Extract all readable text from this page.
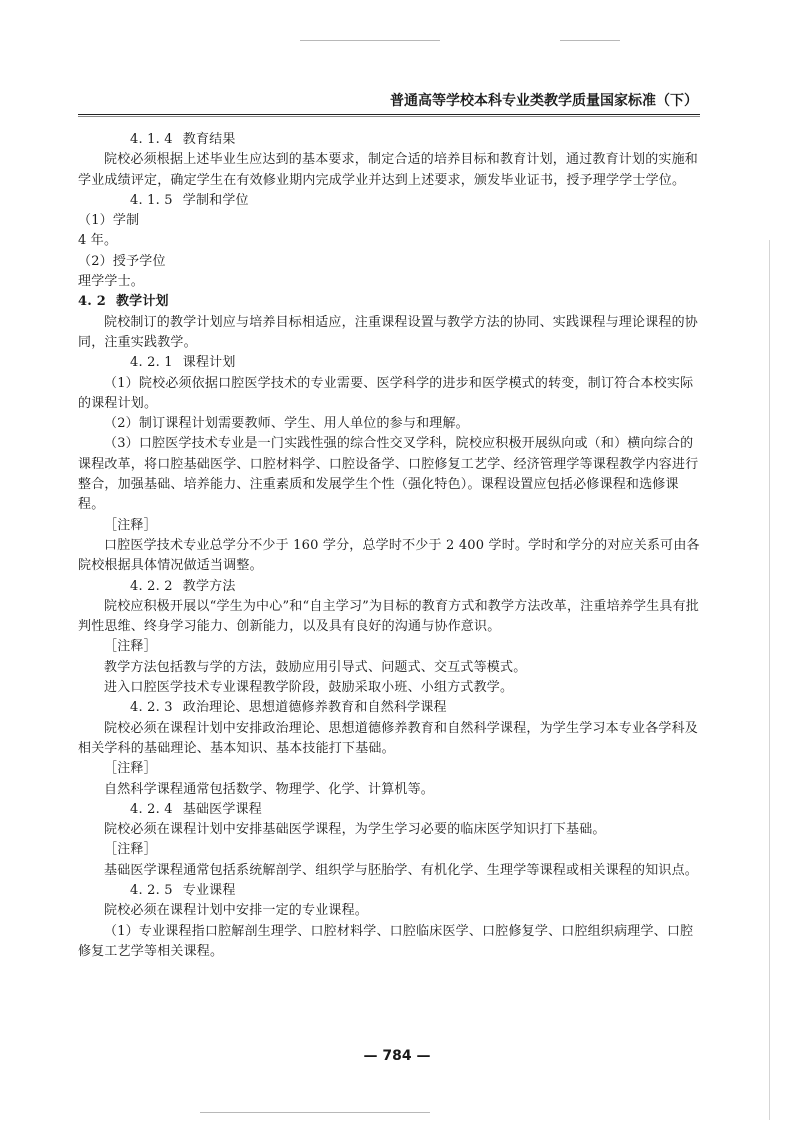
普通高等学校本科专业类教学质量国家标准（下）

4. 1. 4 教育结果

院校必须根据上述毕业生应达到的基本要求，制定合适的培养目标和教育计划，通过教育计划的实施和学业成绩评定，确定学生在有效修业期内完成学业并达到上述要求，颁发毕业证书，授予理学学士学位。

4. 1. 5 学制和学位

（1）学制

4 年。

（2）授予学位

理学学士。

4. 2 教学计划

院校制订的教学计划应与培养目标相适应，注重课程设置与教学方法的协同、实践课程与理论课程的协同，注重实践教学。

4. 2. 1 课程计划

（1）院校必须依据口腔医学技术的专业需要、医学科学的进步和医学模式的转变，制订符合本校实际的课程计划。

（2）制订课程计划需要教师、学生、用人单位的参与和理解。

（3）口腔医学技术专业是一门实践性强的综合性交叉学科，院校应积极开展纵向或（和）横向综合的课程改革，将口腔基础医学、口腔材料学、口腔设备学、口腔修复工艺学、经济管理学等课程教学内容进行整合，加强基础、培养能力、注重素质和发展学生个性（强化特色）。课程设置应包括必修课程和选修课程。

［注释］

口腔医学技术专业总学分不少于 160 学分，总学时不少于 2 400 学时。学时和学分的对应关系可由各院校根据具体情况做适当调整。

4. 2. 2 教学方法

院校应积极开展以“学生为中心”和“自主学习”为目标的教育方式和教学方法改革，注重培养学生具有批判性思维、终身学习能力、创新能力，以及具有良好的沟通与协作意识。

［注释］

教学方法包括教与学的方法，鼓励应用引导式、问题式、交互式等模式。

进入口腔医学技术专业课程教学阶段，鼓励采取小班、小组方式教学。

4. 2. 3 政治理论、思想道德修养教育和自然科学课程

院校必须在课程计划中安排政治理论、思想道德修养教育和自然科学课程，为学生学习本专业各学科及相关学科的基础理论、基本知识、基本技能打下基础。

［注释］

自然科学课程通常包括数学、物理学、化学、计算机等。

4. 2. 4 基础医学课程

院校必须在课程计划中安排基础医学课程，为学生学习必要的临床医学知识打下基础。

［注释］

基础医学课程通常包括系统解剖学、组织学与胚胎学、有机化学、生理学等课程或相关课程的知识点。

4. 2. 5 专业课程

院校必须在课程计划中安排一定的专业课程。

（1）专业课程指口腔解剖生理学、口腔材料学、口腔临床医学、口腔修复学、口腔组织病理学、口腔修复工艺学等相关课程。

— 784 —
